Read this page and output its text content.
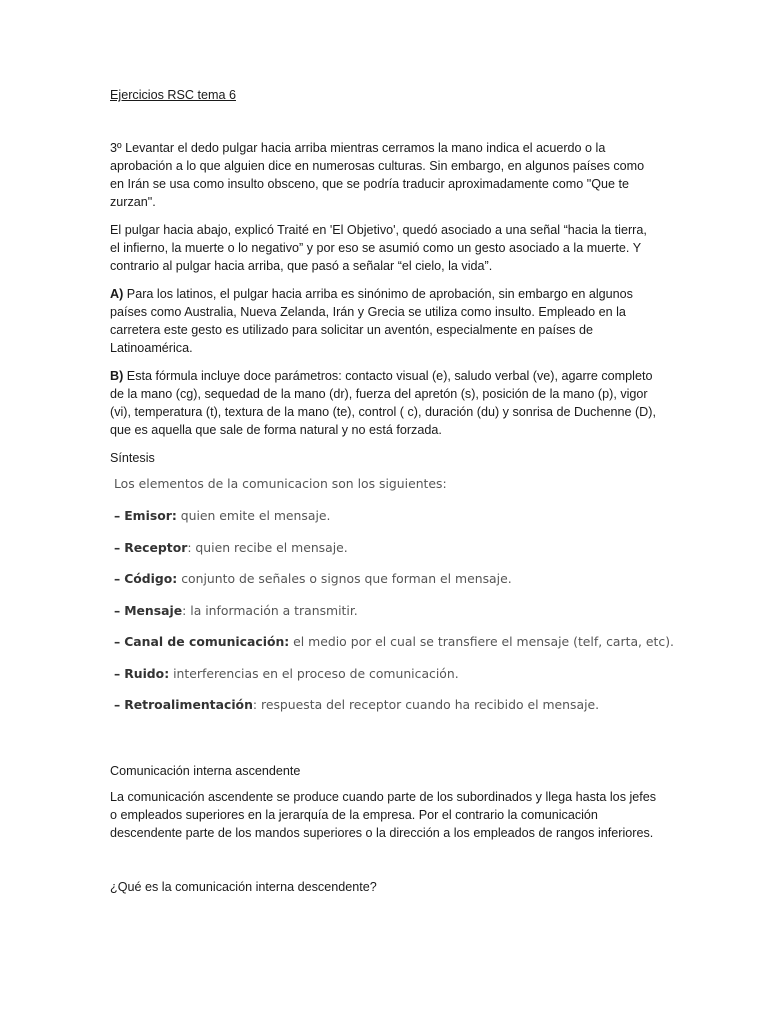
Ejercicios RSC tema 6

3º Levantar el dedo pulgar hacia arriba mientras cerramos la mano indica el acuerdo o la aprobación a lo que alguien dice en numerosas culturas. Sin embargo, en algunos países como en Irán se usa como insulto obsceno, que se podría traducir aproximadamente como "Que te zurzan".

El pulgar hacia abajo, explicó Traité en 'El Objetivo', quedó asociado a una señal “hacia la tierra, el infierno, la muerte o lo negativo” y por eso se asumió como un gesto asociado a la muerte. Y contrario al pulgar hacia arriba, que pasó a señalar “el cielo, la vida”.

A) Para los latinos, el pulgar hacia arriba es sinónimo de aprobación, sin embargo en algunos países como Australia, Nueva Zelanda, Irán y Grecia se utiliza como insulto. Empleado en la carretera este gesto es utilizado para solicitar un aventón, especialmente en países de Latinoamérica.

B) Esta fórmula incluye doce parámetros: contacto visual (e), saludo verbal (ve), agarre completo de la mano (cg), sequedad de la mano (dr), fuerza del apretón (s), posición de la mano (p), vigor (vi), temperatura (t), textura de la mano (te), control ( c), duración (du) y sonrisa de Duchenne (D), que es aquella que sale de forma natural y no está forzada.

Síntesis
Los elementos de la comunicacion son los siguientes:
– Emisor: quien emite el mensaje.
– Receptor: quien recibe el mensaje.
– Código: conjunto de señales o signos que forman el mensaje.
– Mensaje: la información a transmitir.
– Canal de comunicación: el medio por el cual se transfiere el mensaje (telf, carta, etc).
– Ruido: interferencias en el proceso de comunicación.
– Retroalimentación: respuesta del receptor cuando ha recibido el mensaje.
Comunicación interna ascendente

La comunicación ascendente se produce cuando parte de los subordinados y llega hasta los jefes o empleados superiores en la jerarquía de la empresa. Por el contrario la comunicación descendente parte de los mandos superiores o la dirección a los empleados de rangos inferiores.

¿Qué es la comunicación interna descendente?
